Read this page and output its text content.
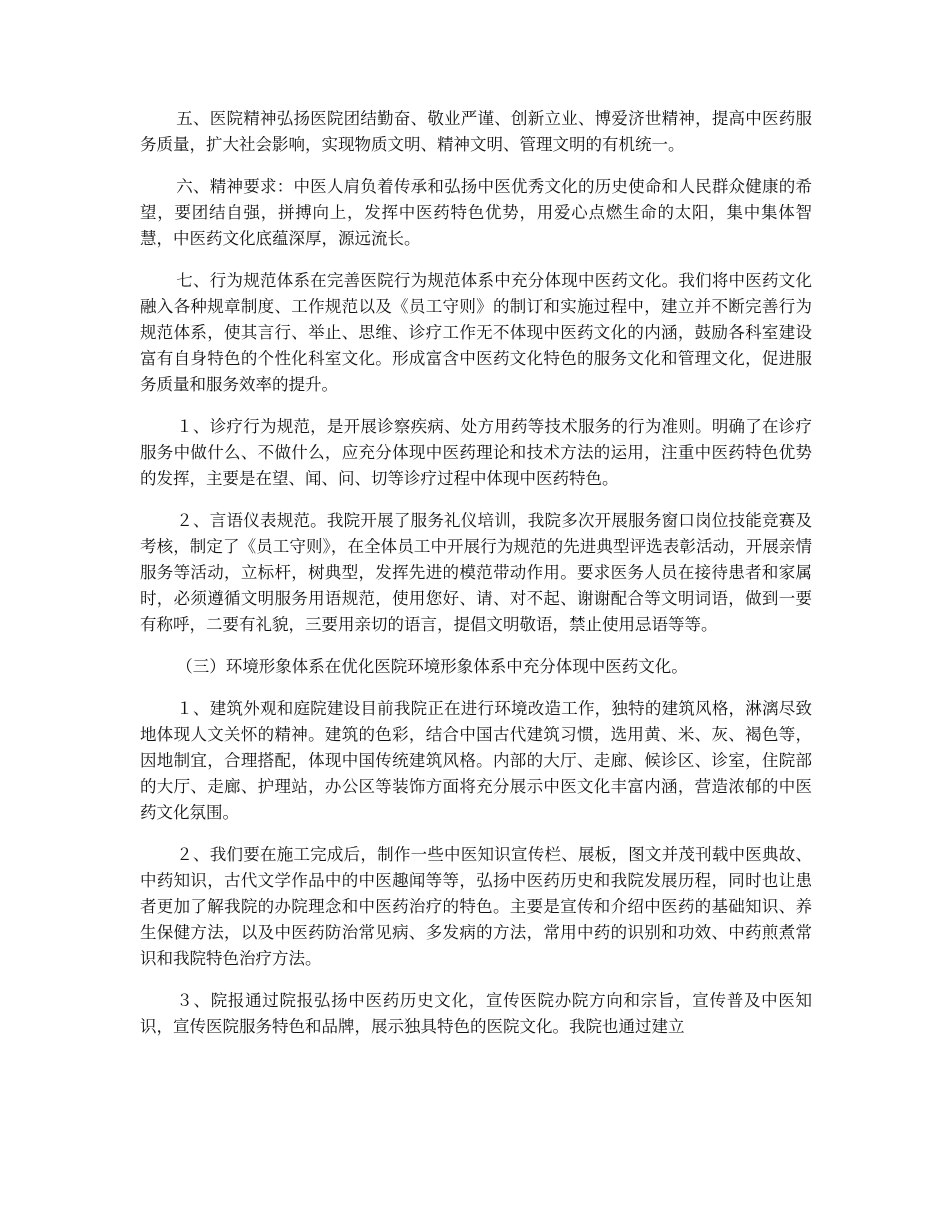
五、医院精神弘扬医院团结勤奋、敬业严谨、创新立业、博爱济世精神，提高中医药服务质量，扩大社会影响，实现物质文明、精神文明、管理文明的有机统一。

六、精神要求：中医人肩负着传承和弘扬中医优秀文化的历史使命和人民群众健康的希望，要团结自强，拼搏向上，发挥中医药特色优势，用爱心点燃生命的太阳，集中集体智慧，中医药文化底蕴深厚，源远流长。

七、行为规范体系在完善医院行为规范体系中充分体现中医药文化。我们将中医药文化融入各种规章制度、工作规范以及《员工守则》的制订和实施过程中，建立并不断完善行为规范体系，使其言行、举止、思维、诊疗工作无不体现中医药文化的内涵，鼓励各科室建设富有自身特色的个性化科室文化。形成富含中医药文化特色的服务文化和管理文化，促进服务质量和服务效率的提升。

１、诊疗行为规范，是开展诊察疾病、处方用药等技术服务的行为准则。明确了在诊疗服务中做什么、不做什么，应充分体现中医药理论和技术方法的运用，注重中医药特色优势的发挥，主要是在望、闻、问、切等诊疗过程中体现中医药特色。

２、言语仪表规范。我院开展了服务礼仪培训，我院多次开展服务窗口岗位技能竞赛及考核，制定了《员工守则》，在全体员工中开展行为规范的先进典型评选表彰活动，开展亲情服务等活动，立标杆，树典型，发挥先进的模范带动作用。要求医务人员在接待患者和家属时，必须遵循文明服务用语规范，使用您好、请、对不起、谢谢配合等文明词语，做到一要有称呼，二要有礼貌，三要用亲切的语言，提倡文明敬语，禁止使用忌语等等。

（三）环境形象体系在优化医院环境形象体系中充分体现中医药文化。

１、建筑外观和庭院建设目前我院正在进行环境改造工作，独特的建筑风格，淋漓尽致地体现人文关怀的精神。建筑的色彩，结合中国古代建筑习惯，选用黄、米、灰、褐色等，因地制宜，合理搭配，体现中国传统建筑风格。内部的大厅、走廊、候诊区、诊室，住院部的大厅、走廊、护理站，办公区等装饰方面将充分展示中医文化丰富内涵，营造浓郁的中医药文化氛围。

２、我们要在施工完成后，制作一些中医知识宣传栏、展板，图文并茂刊载中医典故、中药知识，古代文学作品中的中医趣闻等等，弘扬中医药历史和我院发展历程，同时也让患者更加了解我院的办院理念和中医药治疗的特色。主要是宣传和介绍中医药的基础知识、养生保健方法，以及中医药防治常见病、多发病的方法，常用中药的识别和功效、中药煎煮常识和我院特色治疗方法。

３、院报通过院报弘扬中医药历史文化，宣传医院办院方向和宗旨，宣传普及中医知识，宣传医院服务特色和品牌，展示独具特色的医院文化。我院也通过建立
